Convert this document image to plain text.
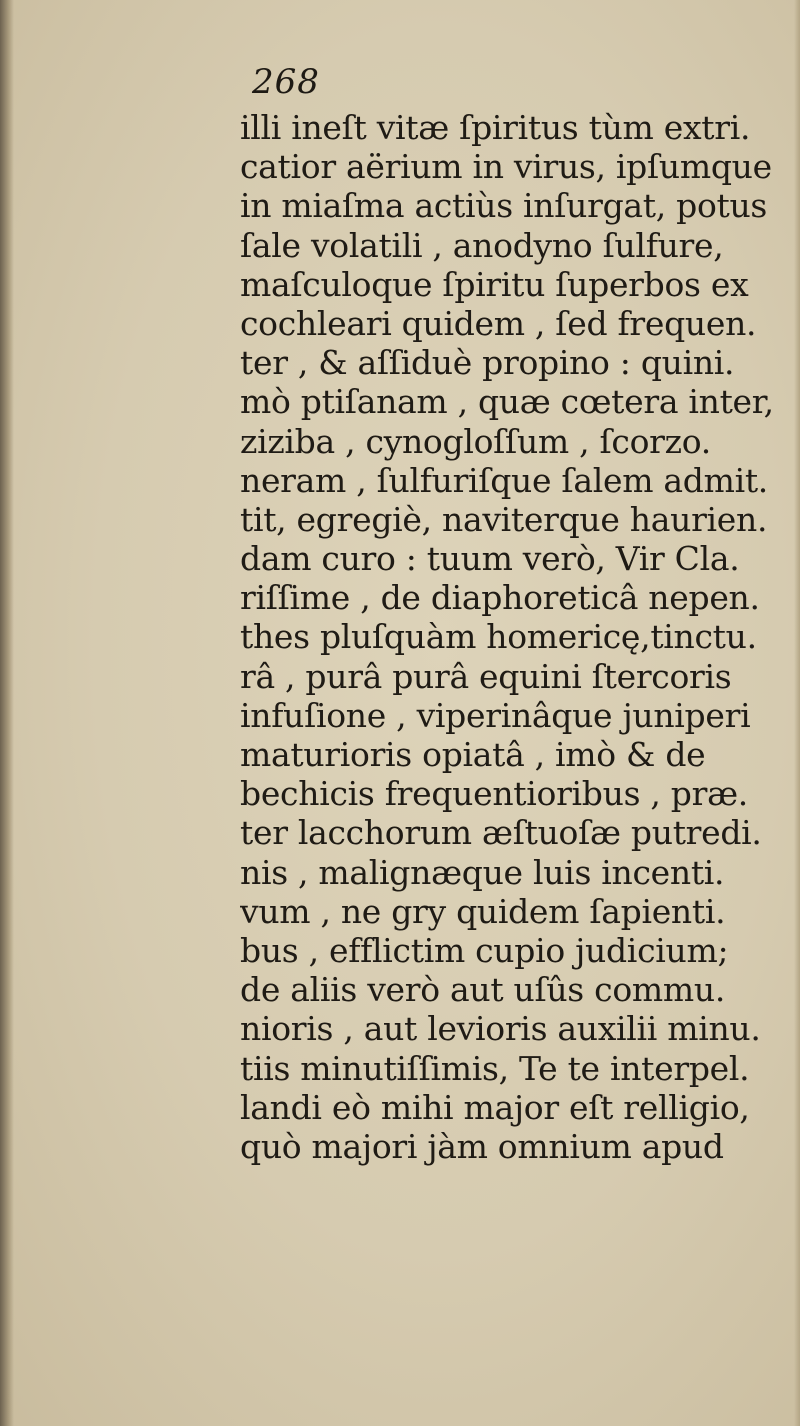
268
illi ineſt vitæ ſpiritus tùm extri.
catior aërium in virus, ipſumque
in miaſma actiùs inſurgat, potus
ſale volatili , anodyno ſulfure,
maſculoque ſpiritu ſuperbos ex
cochleari quidem , ſed frequen.
ter , & aſſiduè propino : quini.
mò ptiſanam , quæ cœtera inter,
ziziba , cynogloſſum , ſcorzo.
neram , ſulfuriſque ſalem admit.
tit, egregiè, naviterque haurien.
dam curo : tuum verò, Vir Cla.
riſſime , de diaphoreticâ nepen.
thes pluſquàm homericę,tinctu.
râ , purâ purâ equini ſtercoris
infuſione , viperinâque juniperi
maturioris opiatâ , imò & de
bechicis frequentioribus , præ.
ter lacchorum æſtuoſæ putredi.
nis , malignæque luis incenti.
vum , ne gry quidem ſapienti.
bus , efflictim cupio judicium;
de aliis verò aut uſûs commu.
nioris , aut levioris auxilii minu.
tiis minutiſſimis, Te te interpel.
landi eò mihi major eſt relligio,
quò majori jàm omnium apud
